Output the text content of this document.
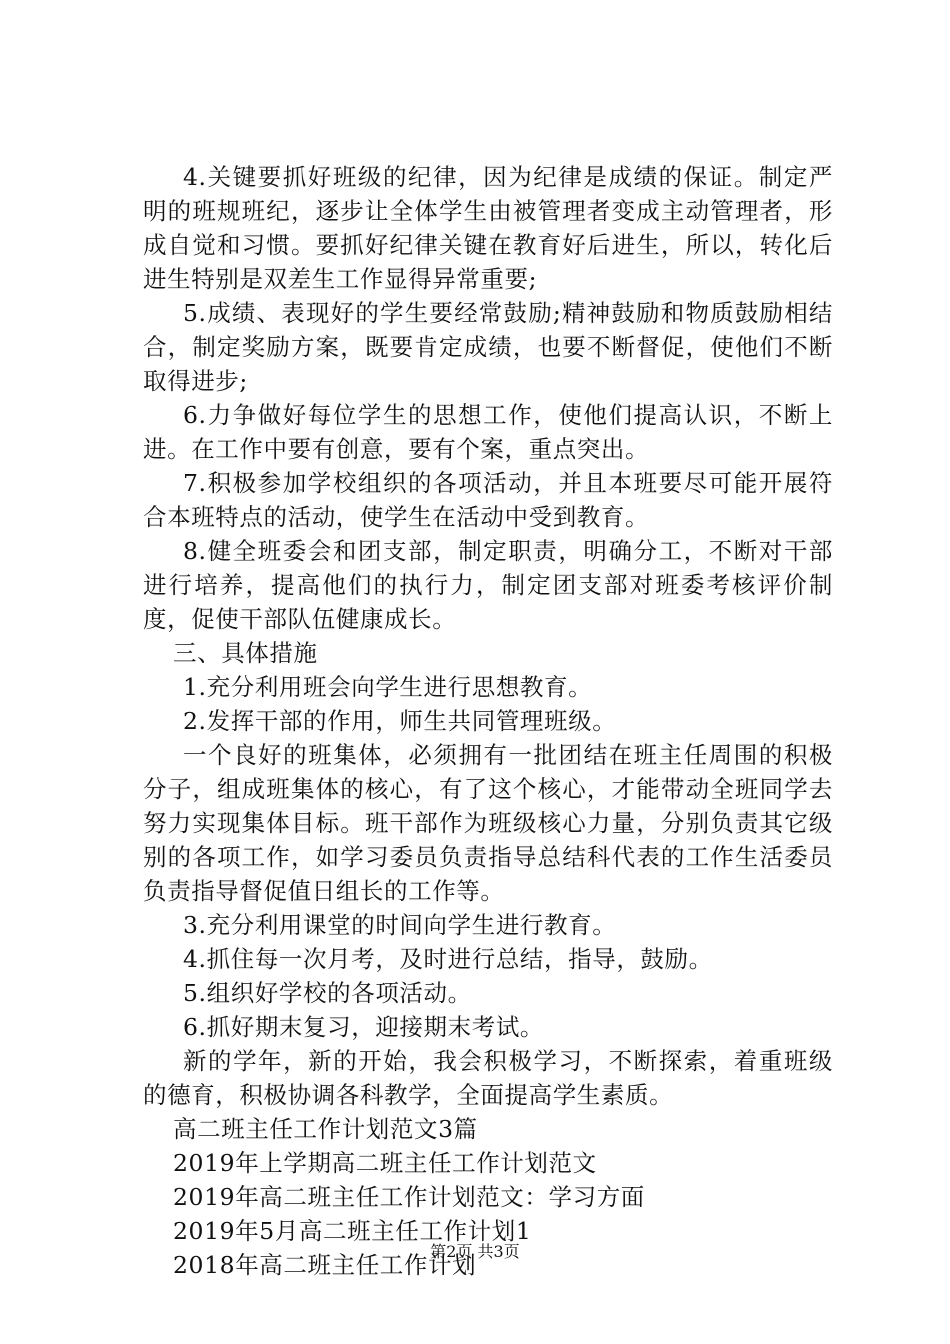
4.关键要抓好班级的纪律，因为纪律是成绩的保证。制定严明的班规班纪，逐步让全体学生由被管理者变成主动管理者，形成自觉和习惯。要抓好纪律关键在教育好后进生，所以，转化后进生特别是双差生工作显得异常重要;

5.成绩、表现好的学生要经常鼓励;精神鼓励和物质鼓励相结合，制定奖励方案，既要肯定成绩，也要不断督促，使他们不断取得进步;

6.力争做好每位学生的思想工作，使他们提高认识，不断上进。在工作中要有创意，要有个案，重点突出。

7.积极参加学校组织的各项活动，并且本班要尽可能开展符合本班特点的活动，使学生在活动中受到教育。

8.健全班委会和团支部，制定职责，明确分工，不断对干部进行培养，提高他们的执行力，制定团支部对班委考核评价制度，促使干部队伍健康成长。

三、具体措施

1.充分利用班会向学生进行思想教育。

2.发挥干部的作用，师生共同管理班级。

一个良好的班集体，必须拥有一批团结在班主任周围的积极分子，组成班集体的核心，有了这个核心，才能带动全班同学去努力实现集体目标。班干部作为班级核心力量，分别负责其它级别的各项工作，如学习委员负责指导总结科代表的工作生活委员负责指导督促值日组长的工作等。

3.充分利用课堂的时间向学生进行教育。

4.抓住每一次月考，及时进行总结，指导，鼓励。

5.组织好学校的各项活动。

6.抓好期末复习，迎接期末考试。

新的学年，新的开始，我会积极学习，不断探索，着重班级的德育，积极协调各科教学，全面提高学生素质。

高二班主任工作计划范文3篇

2019年上学期高二班主任工作计划范文

2019年高二班主任工作计划范文：学习方面

2019年5月高二班主任工作计划1

2018年高二班主任工作计划

第2页 共3页
